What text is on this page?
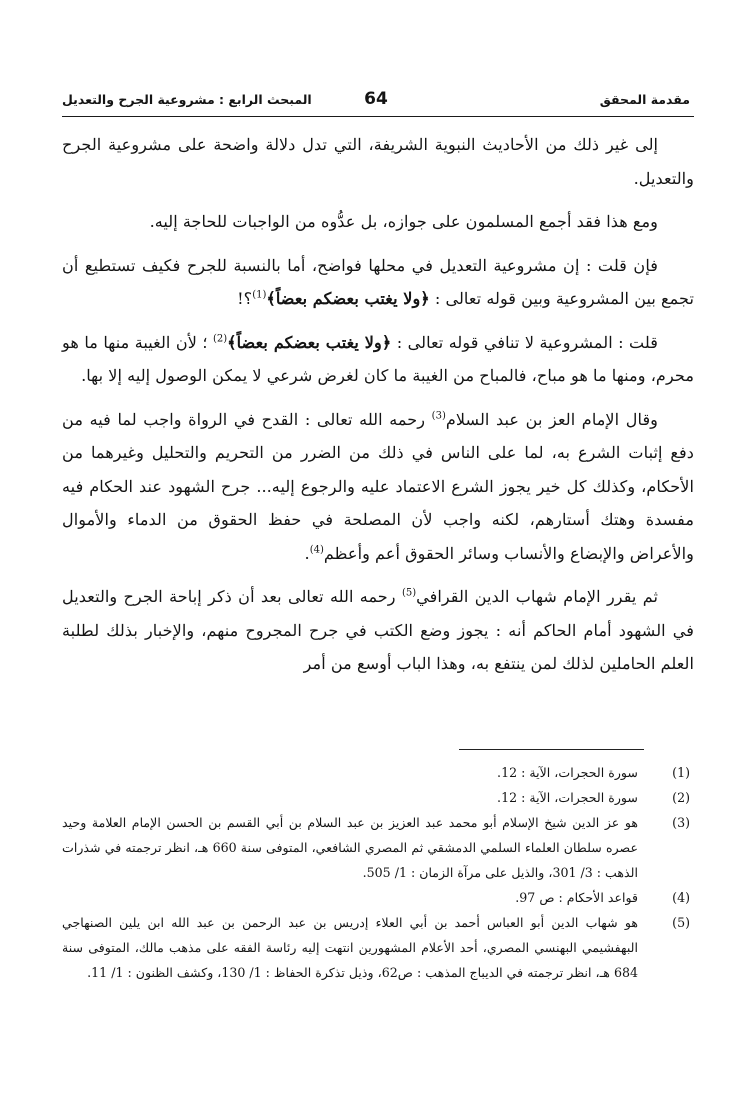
المبحث الرابع : مشروعية الجرح والتعديل	64	مقدمة المحقق

إلى غير ذلك من الأحاديث النبوية الشريفة، التي تدل دلالة واضحة على مشروعية الجرح والتعديل.

ومع هذا فقد أجمع المسلمون على جوازه، بل عدُّوه من الواجبات للحاجة إليه.

فإن قلت : إن مشروعية التعديل في محلها فواضح، أما بالنسبة للجرح فكيف تستطيع أن تجمع بين المشروعية وبين قوله تعالى : ﴿ولا يغتب بعضكم بعضاً﴾$^{(1)}$؟!

قلت : المشروعية لا تنافي قوله تعالى : ﴿ولا يغتب بعضكم بعضاً﴾$^{(2)}$ ؛ لأن الغيبة منها ما هو محرم، ومنها ما هو مباح، فالمباح من الغيبة ما كان لغرض شرعي لا يمكن الوصول إليه إلا بها.

وقال الإمام العز بن عبد السلام$^{(3)}$ رحمه الله تعالى : القدح في الرواة واجب لما فيه من دفع إثبات الشرع به، لما على الناس في ذلك من الضرر من التحريم والتحليل وغيرهما من الأحكام، وكذلك كل خير يجوز الشرع الاعتماد عليه والرجوع إليه... جرح الشهود عند الحكام فيه مفسدة وهتك أستارهم، لكنه واجب لأن المصلحة في حفظ الحقوق من الدماء والأموال والأعراض والإبضاع والأنساب وسائر الحقوق أعم وأعظم$^{(4)}$.

ثم يقرر الإمام شهاب الدين القرافي$^{(5)}$ رحمه الله تعالى بعد أن ذكر إباحة الجرح والتعديل في الشهود أمام الحاكم أنه : يجوز وضع الكتب في جرح المجروح منهم، والإخبار بذلك لطلبة العلم الحاملين لذلك لمن ينتفع به، وهذا الباب أوسع من أمر

(1)
سورة الحجرات، الآية : 12.
(2)
سورة الحجرات، الآية : 12.
(3)
هو عز الدين شيخ الإسلام أبو محمد عبد العزيز بن عبد السلام بن أبي القسم بن الحسن الإمام العلامة وحيد عصره سلطان العلماء السلمي الدمشقي ثم المصري الشافعي، المتوفى سنة 660 هـ، انظر ترجمته في شذرات الذهب : 3/ 301، والذيل على مرآة الزمان : 1/ 505.
(4)
قواعد الأحكام : ص 97.
(5)
هو شهاب الدين أبو العباس أحمد بن أبي العلاء إدريس بن عبد الرحمن بن عبد الله ابن يلين الصنهاجي البهفشيمي البهنسي المصري، أحد الأعلام المشهورين انتهت إليه رئاسة الفقه على مذهب مالك، المتوفى سنة 684 هـ، انظر ترجمته في الديباج المذهب : ص62، وذيل تذكرة الحفاظ : 1/ 130، وكشف الظنون : 1/ 11.
